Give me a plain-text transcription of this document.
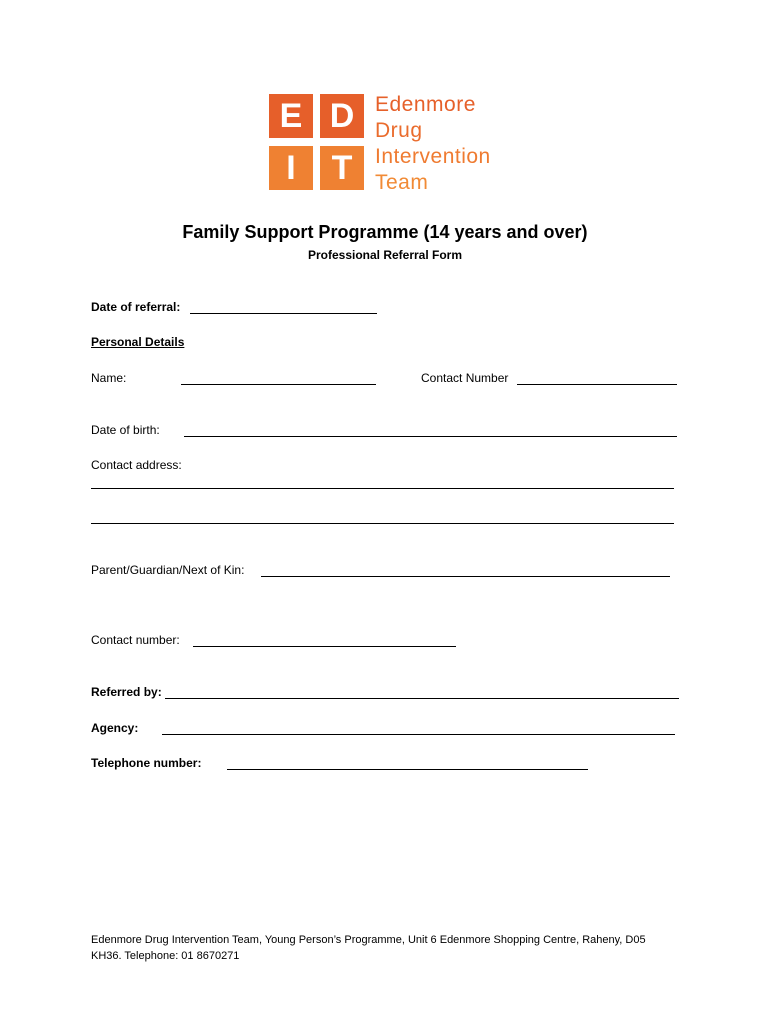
E D
I	T
Edenmore
Drug
Intervention
Team
Family Support Programme (14 years and over)
Professional Referral Form
Date of referral:
Personal Details
Name:	Contact Number
Date of birth:
Contact address:
Parent/Guardian/Next of Kin:
Contact number:
Referred by:
Agency:
Telephone number:
Edenmore Drug Intervention Team, Young Person’s Programme, Unit 6 Edenmore Shopping Centre, Raheny, D05
KH36. Telephone: 01 8670271
